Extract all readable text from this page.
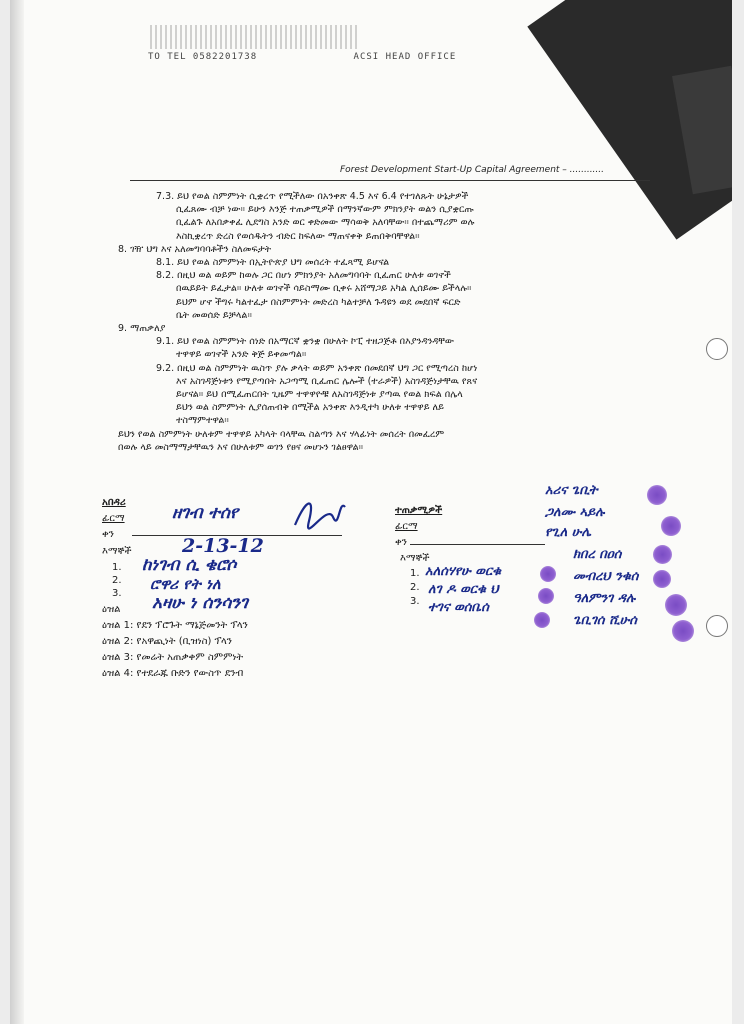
TO TEL 0582201738	ACSI HEAD OFFICE
Forest Development Start-Up Capital Agreement – ............
7.3. ይህ የወል ስምምነት ሲቋረጥ የሚችለው በአንቀጽ 4.5 እና 6.4 የተገለጹት ሁኔታዎች
ሲፈጸሙ ብቻ ነው። ይሁን እንጅ ተጠቃሚዎች በማንኛውም ምክንያት ወልን ሲያቋርጡ
ቢፈልጉ ለአበቃቀፈ ሊደግስ አንድ ወር ቀድመው ማሳወቅ አለባቸው። በተጨማሪም ወሉ
እስኪቋረጥ ድረስ የወሰዱትን ብድር ከፍለው ማጠናቀቅ ይጠበቅባቸዋል።
8. ገዥ ህግ እና አለመግባባቶችን ስለመፍታት
8.1. ይህ የወል ስምምነት በኢትዮጵያ ህግ መሰረት ተፈጻሚ ይሆናል
8.2. በዚህ ወል ወይም ከወሉ ጋር በሆነ ምክንያት አለመግባባት ቢፈጠር ሁለቱ ወገኖች
በዉይይት ይፈታል። ሁለቱ ወገኖች ሳይስማሙ ቢቀሩ አሸማጋይ አካል ሊሰይሙ ይችላሉ።
ይህም ሆኖ ችግሩ ካልተፈታ በስምምነት መድረስ ካልተቻለ ጉዳዩን ወደ መደበኛ ፍርድ
ቤት መወሰድ ይቻላል።
9. ማጠቃለያ
9.1. ይህ የወል ስምምነት ሰነድ በአማርኛ ቋንቋ በሁለት ኮፒ ተዘጋጅቶ በእያንዳንዳቸው
ተዋዋይ ወገኖች አንድ ቅጅ ይቀመጣል።
9.2. በዚህ ወል ስምምነት ዉስጥ ያሉ ቃላት ወይም አንቀጽ በመደበኛ ህግ ጋር የሚጣረስ ከሆነ
እና አስገዳጅነቱን የሚያጣበት አጋጣሚ ቢፈጠር ሌሎች (ተራዎች) አስገዳጅነታቸዉ የጸና
ይሆናል። ይህ በሚፈጠርበት ጊዜም ተዋዋዮቹ ለአስገዳጅነቱ ያጣዉ የወል ክፍል በሌላ
ይህን ወል ስምምነት ሊያሰጠብቅ በሚችል አንቀጽ እንዲተካ ሁለቱ ተዋዋይ ለይ
ተስማምተዋል።
ይህን የወል ስምምነት ሁለቱም ተዋዋይ አካላት ባላቸዉ ስልጣን እና ሃላፊነት መሰረት በመፈረም
በወሉ ላይ መስማማታቸዉን እና በሁለቱም ወገን የፀና መሆኑን ገልፀዋል።
አበዳሪ
ፊርማ	ዘገብ ተሰየ
ቀን
2-13-12
እማኞች
1.
2.
3.
ከነገብ ሲ ቄሮሶ
ሮዋሪ የት ነለ
አዛሁ ነ ሰንሳንገ
ዕዝል
ዕዝል 1: የደን ፕሮጉት ማኔጅመንት ፕላን
ዕዝል 2: የአዋጪነት (ቢዝነስ) ፕላን
ዕዝል 3: የመሬት አጠቃቀም ስምምነት
ዕዝል 4: የተደራጁ ቡድን የውስጥ ደንብ
ተጠቃሚዎች
ፊርማ
ቀን
እማኞች
1.
2.
3.
አለሰሃየሁ ወርቁ
ለገ ዶ ወርቁ ህ
ተገና ወሰቤሰ
አሪና ጌቢት
ጋለሙ ኣይሉ
የጊለ ሁሌ
ክበረ በዐሰ
መብረህ ንቁሰ
ዓለምንገ ዳሉ
ጌቢገሰ ሺሁሰ
